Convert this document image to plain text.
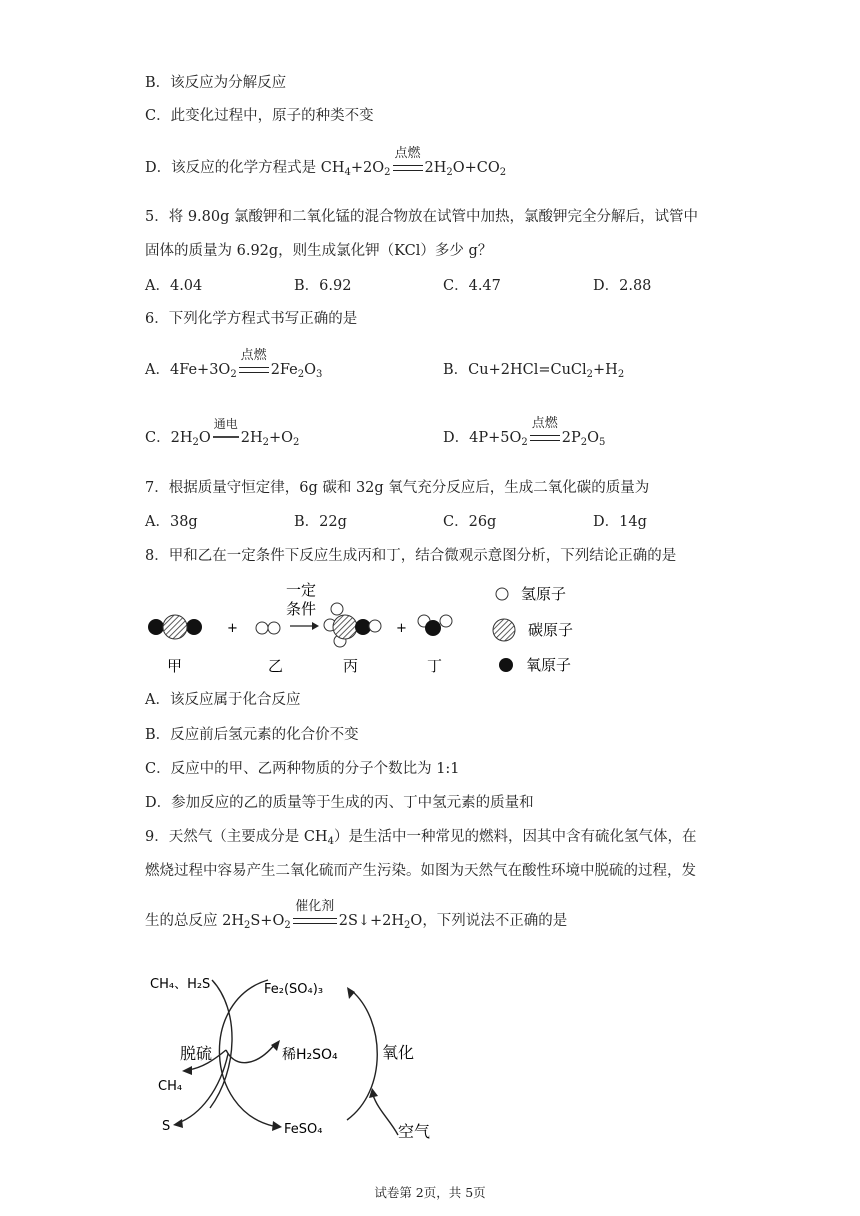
B．该反应为分解反应
C．此变化过程中，原子的种类不变
D．该反应的化学方程式是 $CH_4+2O_2$
点燃
$2H_2O+CO_2$
5．将 9.80g 氯酸钾和二氧化锰的混合物放在试管中加热，氯酸钾完全分解后，试管中
固体的质量为 6.92g，则生成氯化钾（KCl）多少 g？
A．4.04	B．6.92	C．4.47	D．2.88
6．下列化学方程式书写正确的是
A．$4Fe+3O_2$
点燃
$2Fe_2O_3$	B．$Cu+2HCl=CuCl_2+H_2$
C．$2H_2O$
通电
$2H_2+O_2$	D．$4P+5O_2$
点燃
$2P_2O_5$
7．根据质量守恒定律，6g 碳和 32g 氧气充分反应后，生成二氧化碳的质量为
A．38g	B．22g	C．26g	D．14g
8．甲和乙在一定条件下反应生成丙和丁，结合微观示意图分析，下列结论正确的是
+
一定
条件
+
甲	乙	丙	丁
氢原子
碳原子
氧原子
A．该反应属于化合反应
B．反应前后氢元素的化合价不变
C．反应中的甲、乙两种物质的分子个数比为 1:1
D．参加反应的乙的质量等于生成的丙、丁中氢元素的质量和
9．天然气（主要成分是 $CH_4$）是生活中一种常见的燃料，因其中含有硫化氢气体，在
燃烧过程中容易产生二氧化硫而产生污染。如图为天然气在酸性环境中脱硫的过程，发
生的总反应 $2H_2S+O_2$
催化剂
$2S↓+2H_2O$，下列说法不正确的是
CH₄、H₂S	Fe₂(SO₄)₃
脱硫	稀H₂SO₄	氧化
CH₄
S	FeSO₄	空气
试卷第 2页，共 5页
